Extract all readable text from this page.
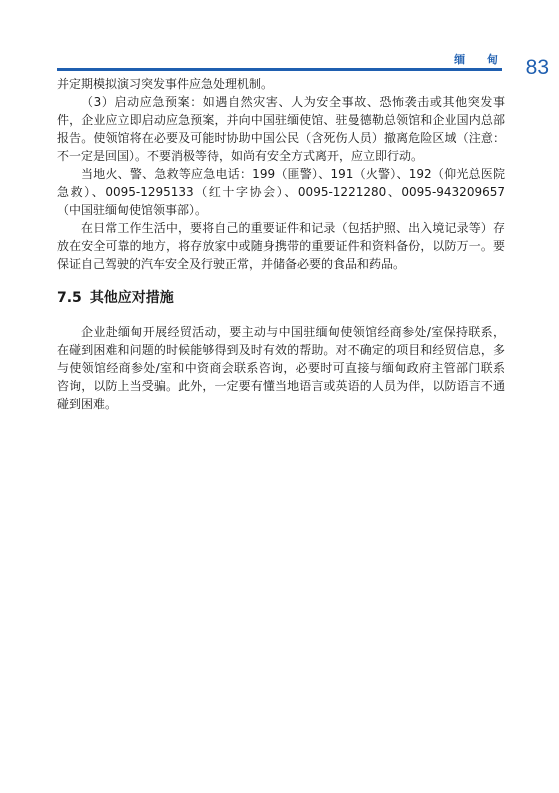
缅 甸 83

并定期模拟演习突发事件应急处理机制。

（3）启动应急预案：如遇自然灾害、人为安全事故、恐怖袭击或其他突发事件，企业应立即启动应急预案，并向中国驻缅使馆、驻曼德勒总领馆和企业国内总部报告。使领馆将在必要及可能时协助中国公民（含死伤人员）撤离危险区域（注意：不一定是回国）。不要消极等待，如尚有安全方式离开，应立即行动。

当地火、警、急救等应急电话：199（匪警）、191（火警）、192（仰光总医院急救）、0095-1295133（红十字协会）、0095-1221280、0095-943209657（中国驻缅甸使馆领事部）。

在日常工作生活中，要将自己的重要证件和记录（包括护照、出入境记录等）存放在安全可靠的地方，将存放家中或随身携带的重要证件和资料备份，以防万一。要保证自己驾驶的汽车安全及行驶正常，并储备必要的食品和药品。

7.5 其他应对措施

企业赴缅甸开展经贸活动，要主动与中国驻缅甸使领馆经商参处/室保持联系，在碰到困难和问题的时候能够得到及时有效的帮助。对不确定的项目和经贸信息，多与使领馆经商参处/室和中资商会联系咨询，必要时可直接与缅甸政府主管部门联系咨询，以防上当受骗。此外，一定要有懂当地语言或英语的人员为伴，以防语言不通碰到困难。
